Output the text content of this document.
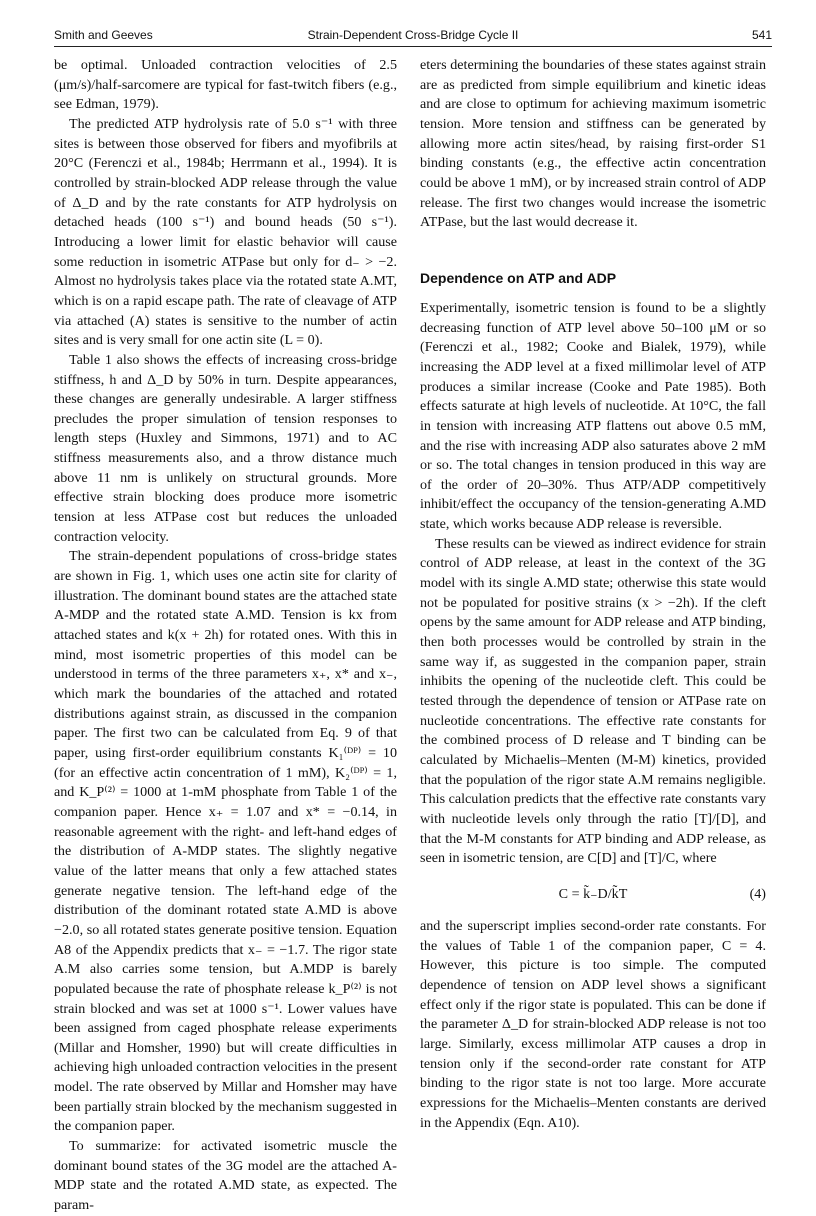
Smith and Geeves	Strain-Dependent Cross-Bridge Cycle II	541

be optimal. Unloaded contraction velocities of 2.5 (μm/s)/half-sarcomere are typical for fast-twitch fibers (e.g., see Edman, 1979).

The predicted ATP hydrolysis rate of 5.0 s⁻¹ with three sites is between those observed for fibers and myofibrils at 20°C (Ferenczi et al., 1984b; Herrmann et al., 1994). It is controlled by strain-blocked ADP release through the value of Δ_D and by the rate constants for ATP hydrolysis on detached heads (100 s⁻¹) and bound heads (50 s⁻¹). Introducing a lower limit for elastic behavior will cause some reduction in isometric ATPase but only for d₋ > −2. Almost no hydrolysis takes place via the rotated state A.MT, which is on a rapid escape path. The rate of cleavage of ATP via attached (A) states is sensitive to the number of actin sites and is very small for one actin site (L = 0).

Table 1 also shows the effects of increasing cross-bridge stiffness, h and Δ_D by 50% in turn. Despite appearances, these changes are generally undesirable. A larger stiffness precludes the proper simulation of tension responses to length steps (Huxley and Simmons, 1971) and to AC stiffness measurements also, and a throw distance much above 11 nm is unlikely on structural grounds. More effective strain blocking does produce more isometric tension at less ATPase cost but reduces the unloaded contraction velocity.

The strain-dependent populations of cross-bridge states are shown in Fig. 1, which uses one actin site for clarity of illustration. The dominant bound states are the attached state A-MDP and the rotated state A.MD. Tension is kx from attached states and k(x + 2h) for rotated ones. With this in mind, most isometric properties of this model can be understood in terms of the three parameters x₊, x* and x₋, which mark the boundaries of the attached and rotated distributions against strain, as discussed in the companion paper. The first two can be calculated from Eq. 9 of that paper, using first-order equilibrium constants K₁⁽ᴰᴾ⁾ = 10 (for an effective actin concentration of 1 mM), K₂⁽ᴰᴾ⁾ = 1, and K_P⁽²⁾ = 1000 at 1-mM phosphate from Table 1 of the companion paper. Hence x₊ = 1.07 and x* = −0.14, in reasonable agreement with the right- and left-hand edges of the distribution of A-MDP states. The slightly negative value of the latter means that only a few attached states generate negative tension. The left-hand edge of the distribution of the dominant rotated state A.MD is above −2.0, so all rotated states generate positive tension. Equation A8 of the Appendix predicts that x₋ = −1.7. The rigor state A.M also carries some tension, but A.MDP is barely populated because the rate of phosphate release k_P⁽²⁾ is not strain blocked and was set at 1000 s⁻¹. Lower values have been assigned from caged phosphate release experiments (Millar and Homsher, 1990) but will create difficulties in achieving high unloaded contraction velocities in the present model. The rate observed by Millar and Homsher may have been partially strain blocked by the mechanism suggested in the companion paper.

To summarize: for activated isometric muscle the dominant bound states of the 3G model are the attached A-MDP state and the rotated A.MD state, as expected. The param-

eters determining the boundaries of these states against strain are as predicted from simple equilibrium and kinetic ideas and are close to optimum for achieving maximum isometric tension. More tension and stiffness can be generated by allowing more actin sites/head, by raising first-order S1 binding constants (e.g., the effective actin concentration could be above 1 mM), or by increased strain control of ADP release. The first two changes would increase the isometric ATPase, but the last would decrease it.

Dependence on ATP and ADP

Experimentally, isometric tension is found to be a slightly decreasing function of ATP level above 50–100 μM or so (Ferenczi et al., 1982; Cooke and Bialek, 1979), while increasing the ADP level at a fixed millimolar level of ATP produces a similar increase (Cooke and Pate 1985). Both effects saturate at high levels of nucleotide. At 10°C, the fall in tension with increasing ATP flattens out above 0.5 mM, and the rise with increasing ADP also saturates above 2 mM or so. The total changes in tension produced in this way are of the order of 20–30%. Thus ATP/ADP competitively inhibit/effect the occupancy of the tension-generating A.MD state, which works because ADP release is reversible.

These results can be viewed as indirect evidence for strain control of ADP release, at least in the context of the 3G model with its single A.MD state; otherwise this state would not be populated for positive strains (x > −2h). If the cleft opens by the same amount for ADP release and ATP binding, then both processes would be controlled by strain in the same way if, as suggested in the companion paper, strain inhibits the opening of the nucleotide cleft. This could be tested through the dependence of tension or ATPase rate on nucleotide concentrations. The effective rate constants for the combined process of D release and T binding can be calculated by Michaelis–Menten (M-M) kinetics, provided that the population of the rigor state A.M remains negligible. This calculation predicts that the effective rate constants vary with nucleotide levels only through the ratio [T]/[D], and that the M-M constants for ATP binding and ADP release, as seen in isometric tension, are C[D] and [T]/C, where

C = k̃₋D/k̃T	(4)

and the superscript implies second-order rate constants. For the values of Table 1 of the companion paper, C = 4. However, this picture is too simple. The computed dependence of tension on ADP level shows a significant effect only if the rigor state is populated. This can be done if the parameter Δ_D for strain-blocked ADP release is not too large. Similarly, excess millimolar ATP causes a drop in tension only if the second-order rate constant for ATP binding to the rigor state is not too large. More accurate expressions for the Michaelis–Menten constants are derived in the Appendix (Eqn. A10).
